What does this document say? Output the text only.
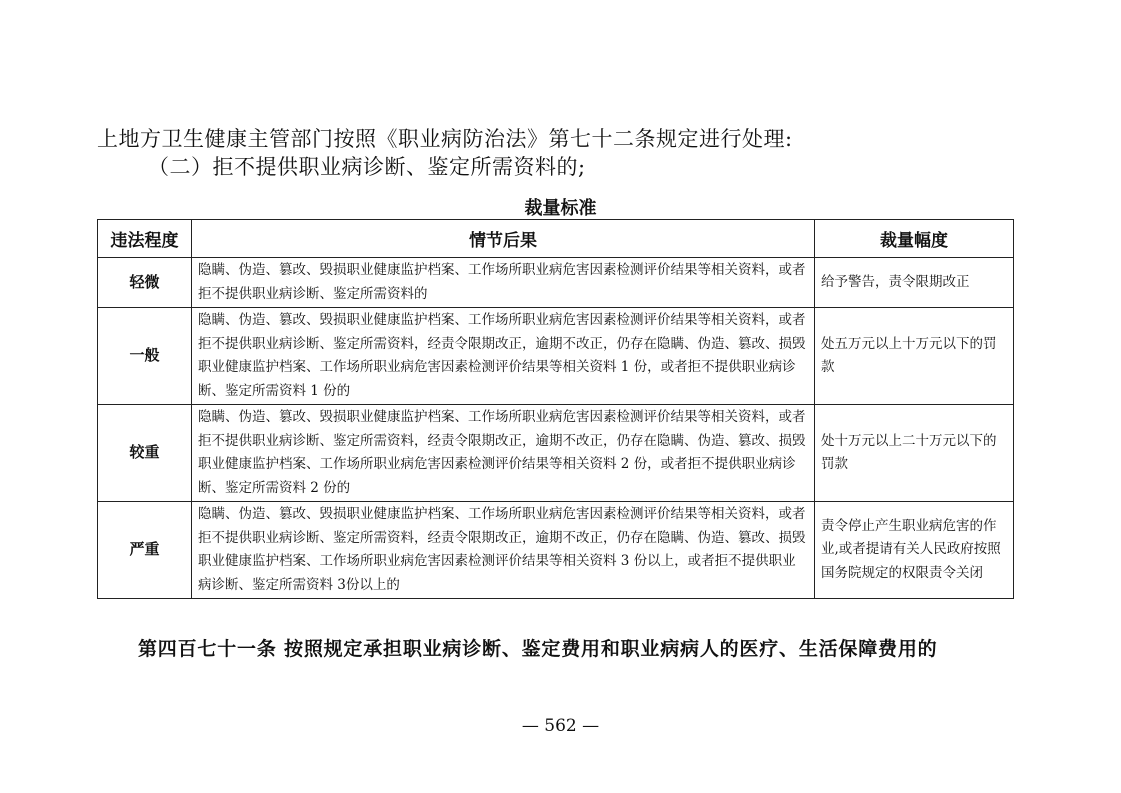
上地方卫生健康主管部门按照《职业病防治法》第七十二条规定进行处理:
（二）拒不提供职业病诊断、鉴定所需资料的;
裁量标准
违法程度	情节后果	裁量幅度
轻微	隐瞒、伪造、篡改、毁损职业健康监护档案、工作场所职业病危害因素检测评价结果等相关资料，或者拒不提供职业病诊断、鉴定所需资料的	给予警告，责令限期改正
一般	隐瞒、伪造、篡改、毁损职业健康监护档案、工作场所职业病危害因素检测评价结果等相关资料，或者拒不提供职业病诊断、鉴定所需资料，经责令限期改正，逾期不改正，仍存在隐瞒、伪造、篡改、损毁职业健康监护档案、工作场所职业病危害因素检测评价结果等相关资料 1 份，或者拒不提供职业病诊断、鉴定所需资料 1 份的	处五万元以上十万元以下的罚款
较重	隐瞒、伪造、篡改、毁损职业健康监护档案、工作场所职业病危害因素检测评价结果等相关资料，或者拒不提供职业病诊断、鉴定所需资料，经责令限期改正，逾期不改正，仍存在隐瞒、伪造、篡改、损毁职业健康监护档案、工作场所职业病危害因素检测评价结果等相关资料 2 份，或者拒不提供职业病诊断、鉴定所需资料 2 份的	处十万元以上二十万元以下的罚款
严重	隐瞒、伪造、篡改、毁损职业健康监护档案、工作场所职业病危害因素检测评价结果等相关资料，或者拒不提供职业病诊断、鉴定所需资料，经责令限期改正，逾期不改正，仍存在隐瞒、伪造、篡改、损毁职业健康监护档案、工作场所职业病危害因素检测评价结果等相关资料 3 份以上，或者拒不提供职业病诊断、鉴定所需资料 3份以上的	责令停止产生职业病危害的作业,或者提请有关人民政府按照国务院规定的权限责令关闭
第四百七十一条 按照规定承担职业病诊断、鉴定费用和职业病病人的医疗、生活保障费用的
— 562 —
